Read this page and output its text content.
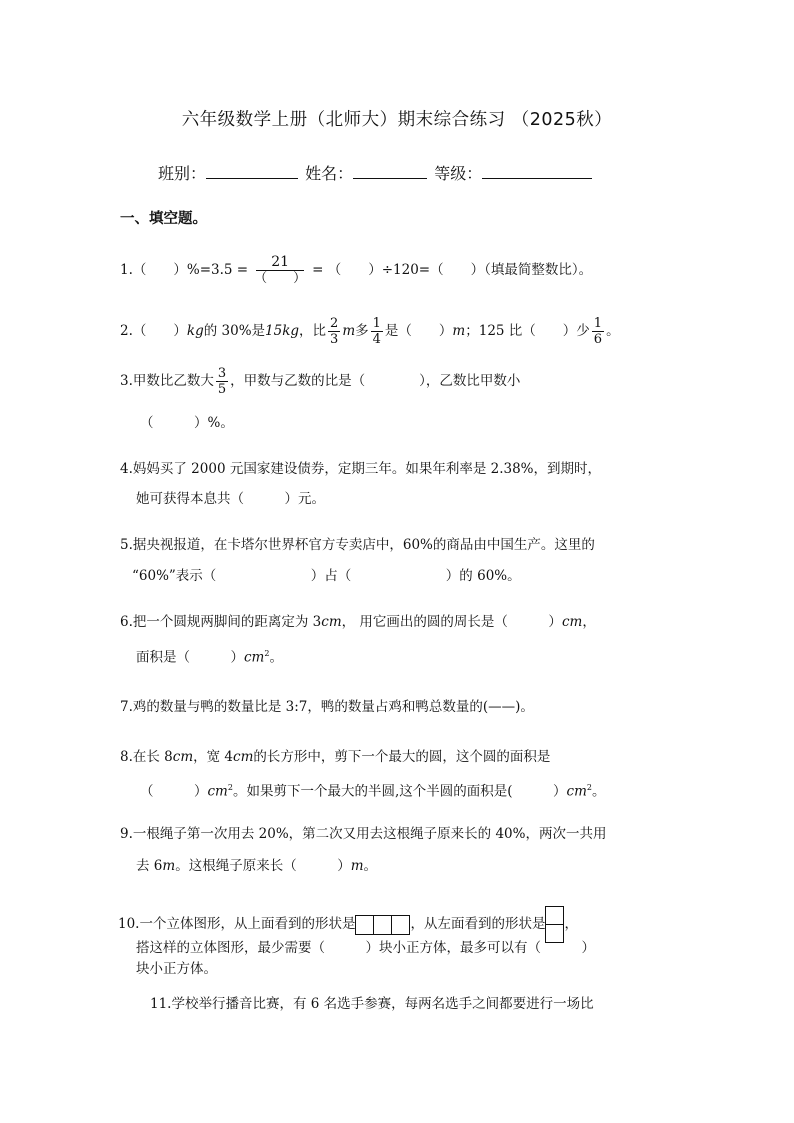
六年级数学上册（北师大）期末综合练习 （2025秋）
班别：	姓名：	等级：
一、填空题。
1.（　　）$\%=3.5 = \frac{21}{( )}$ = （　　）÷120=（　　）（填最简整数比）。
2.（　　）kg的 30%是15kg，比 $\frac{2}{3}$ m多 $\frac{1}{4}$ 是（　　）m；125 比（　　）少 $\frac{1}{6}$ 。
3.甲数比乙数大 $\frac{3}{5}$ ，甲数与乙数的比是（　　　　），乙数比甲数小
（　　　）%。
4.妈妈买了 2000 元国家建设债券，定期三年。如果年利率是 2.38%，到期时，
她可获得本息共（　　　）元。
5.据央视报道，在卡塔尔世界杯官方专卖店中，60%的商品由中国生产。这里的
“60%”表示（　　　　　　　）占（　　　　　　　）的 60%。
6.把一个圆规两脚间的距离定为 3cm， 用它画出的圆的周长是（　　　）cm，
面积是（　　　）$cm^2$。
7.鸡的数量与鸭的数量比是 3:7，鸭的数量占鸡和鸭总数量的(——)。
8.在长 8cm，宽 4cm的长方形中，剪下一个最大的圆，这个圆的面积是
（　　　）$cm^2$。如果剪下一个最大的半圆,这个半圆的面积是(　　　）$cm^2$。
9.一根绳子第一次用去 20%，第二次又用去这根绳子原来长的 40%，两次一共用
去 6m。这根绳子原来长（　　　）m。
10.一个立体图形，从上面看到的形状是	，从左面看到的形状是 ，
搭这样的立体图形，最少需要（　　　）块小正方体，最多可以有（　　　）
块小正方体。
11.学校举行播音比赛，有 6 名选手参赛，每两名选手之间都要进行一场比
